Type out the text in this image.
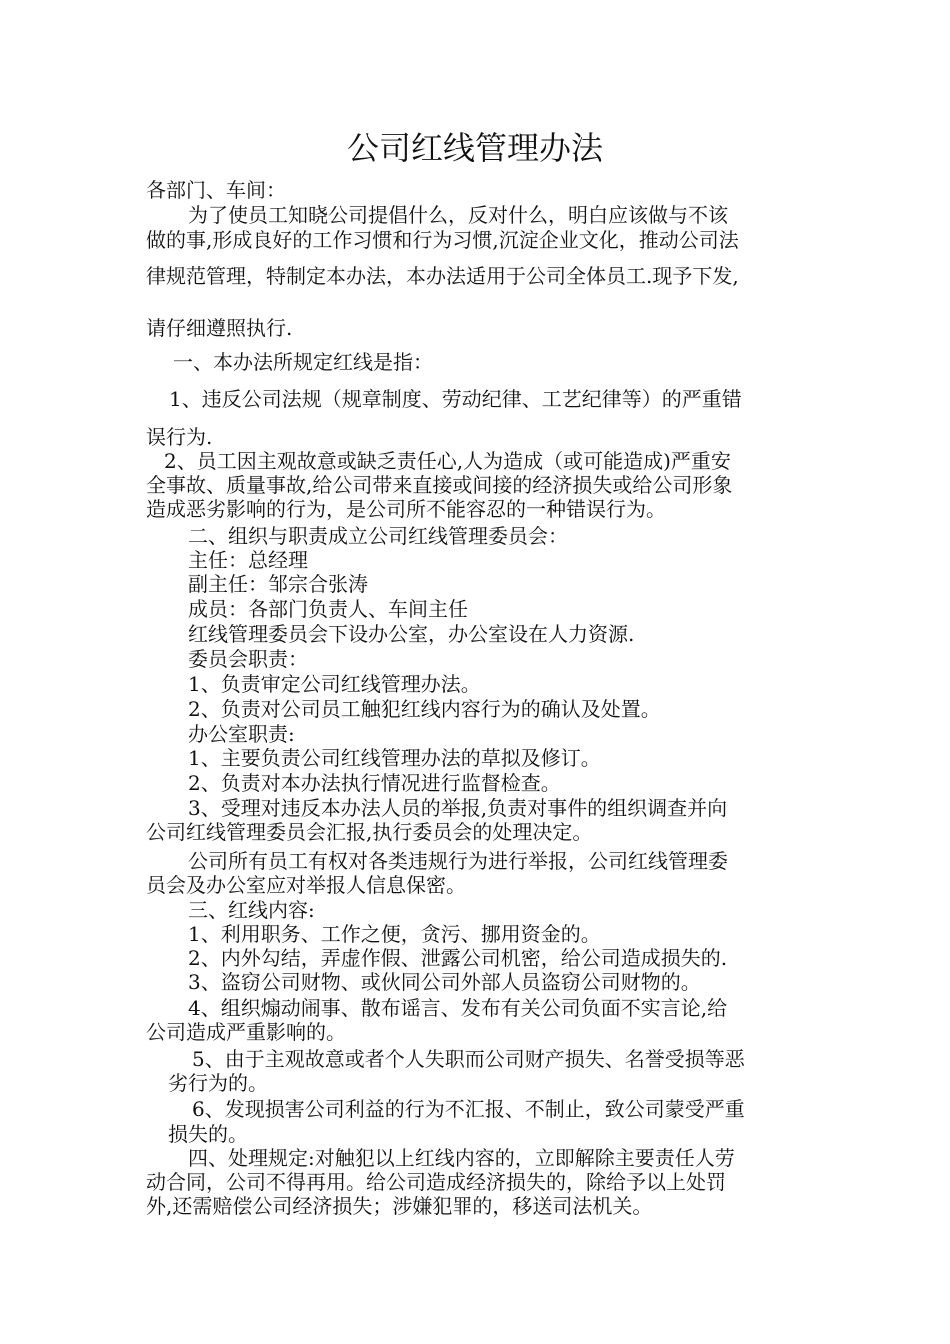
公司红线管理办法

各部门、车间：

为了使员工知晓公司提倡什么，反对什么，明白应该做与不该

做的事,形成良好的工作习惯和行为习惯,沉淀企业文化，推动公司法

律规范管理，特制定本办法，本办法适用于公司全体员工.现予下发,

请仔细遵照执行.

一、本办法所规定红线是指：

1、违反公司法规（规章制度、劳动纪律、工艺纪律等）的严重错

误行为.

2、员工因主观故意或缺乏责任心,人为造成（或可能造成)严重安

全事故、质量事故,给公司带来直接或间接的经济损失或给公司形象

造成恶劣影响的行为，是公司所不能容忍的一种错误行为。

二、组织与职责成立公司红线管理委员会：

主任：总经理

副主任：邹宗合张涛

成员：各部门负责人、车间主任

红线管理委员会下设办公室，办公室设在人力资源.

委员会职责：

1、负责审定公司红线管理办法。

2、负责对公司员工触犯红线内容行为的确认及处置。

办公室职责:

1、主要负责公司红线管理办法的草拟及修订。

2、负责对本办法执行情况进行监督检查。

3、受理对违反本办法人员的举报,负责对事件的组织调查并向

公司红线管理委员会汇报,执行委员会的处理决定。

公司所有员工有权对各类违规行为进行举报，公司红线管理委

员会及办公室应对举报人信息保密。

三、红线内容:

1、利用职务、工作之便，贪污、挪用资金的。

2、内外勾结，弄虚作假、泄露公司机密，给公司造成损失的.

3、盗窃公司财物、或伙同公司外部人员盗窃公司财物的。

4、组织煽动闹事、散布谣言、发布有关公司负面不实言论,给

公司造成严重影响的。

5、由于主观故意或者个人失职而公司财产损失、名誉受损等恶

劣行为的。

6、发现损害公司利益的行为不汇报、不制止，致公司蒙受严重

损失的。

四、处理规定:对触犯以上红线内容的，立即解除主要责任人劳

动合同，公司不得再用。给公司造成经济损失的，除给予以上处罚

外,还需赔偿公司经济损失；涉嫌犯罪的，移送司法机关。
